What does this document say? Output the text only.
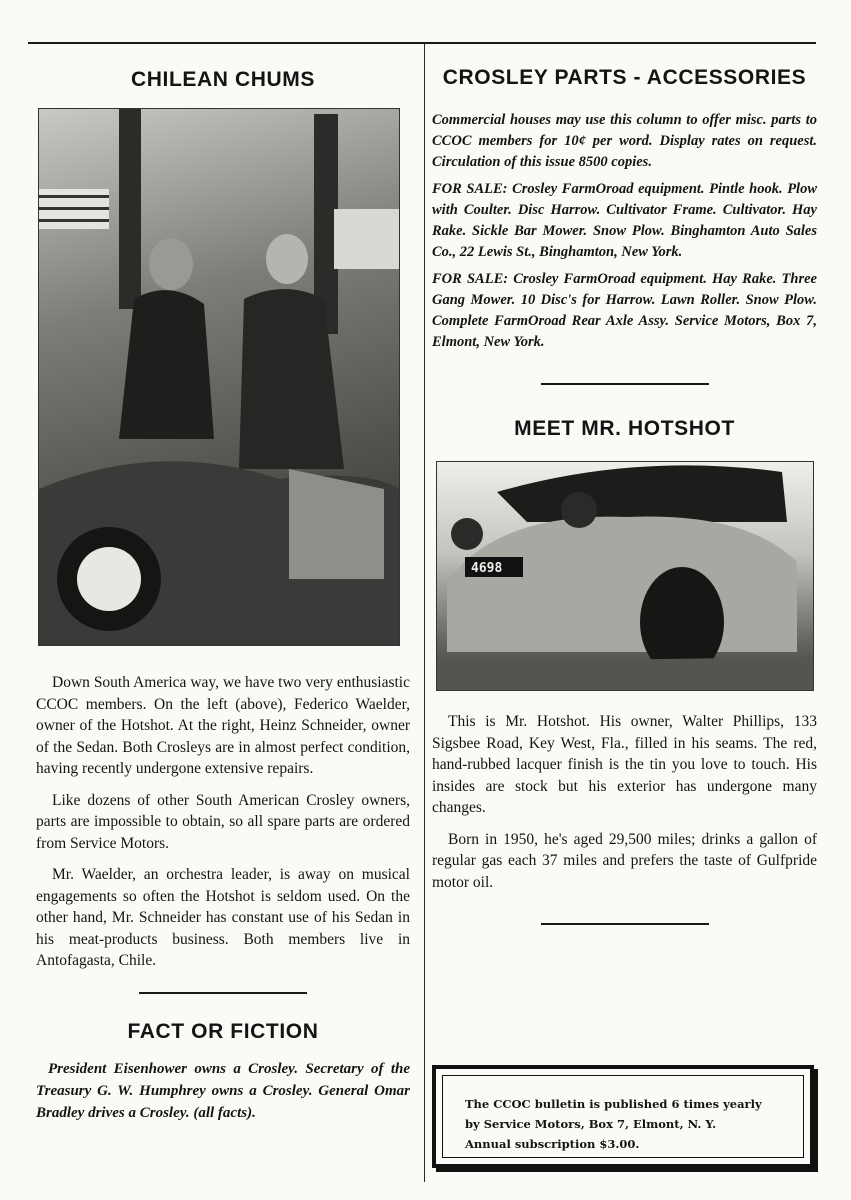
CHILEAN CHUMS

Down South America way, we have two very enthusiastic CCOC members. On the left (above), Federico Waelder, owner of the Hotshot. At the right, Heinz Schneider, owner of the Sedan. Both Crosleys are in almost perfect condition, having recently undergone extensive repairs.

Like dozens of other South American Crosley owners, parts are impossible to obtain, so all spare parts are ordered from Service Motors.

Mr. Waelder, an orchestra leader, is away on musical engagements so often the Hotshot is seldom used. On the other hand, Mr. Schneider has constant use of his Sedan in his meat-products business. Both members live in Antofagasta, Chile.

FACT OR FICTION

President Eisenhower owns a Crosley. Secretary of the Treasury G. W. Humphrey owns a Crosley. General Omar Bradley drives a Crosley. (all facts).

CROSLEY PARTS - ACCESSORIES

Commercial houses may use this column to offer misc. parts to CCOC members for 10¢ per word. Display rates on request. Circulation of this issue 8500 copies.

FOR SALE: Crosley FarmOroad equipment. Pintle hook. Plow with Coulter. Disc Harrow. Cultivator Frame. Cultivator. Hay Rake. Sickle Bar Mower. Snow Plow. Binghamton Auto Sales Co., 22 Lewis St., Binghamton, New York.

FOR SALE: Crosley FarmOroad equipment. Hay Rake. Three Gang Mower. 10 Disc's for Harrow. Lawn Roller. Snow Plow. Complete FarmOroad Rear Axle Assy. Service Motors, Box 7, Elmont, New York.

MEET MR. HOTSHOT
4698

This is Mr. Hotshot. His owner, Walter Phillips, 133 Sigsbee Road, Key West, Fla., filled in his seams. The red, hand-rubbed lacquer finish is the tin you love to touch. His insides are stock but his exterior has undergone many changes.

Born in 1950, he's aged 29,500 miles; drinks a gallon of regular gas each 37 miles and prefers the taste of Gulfpride motor oil.

The CCOC bulletin is published 6 times yearly
by Service Motors, Box 7, Elmont, N. Y.
Annual subscription $3.00.
